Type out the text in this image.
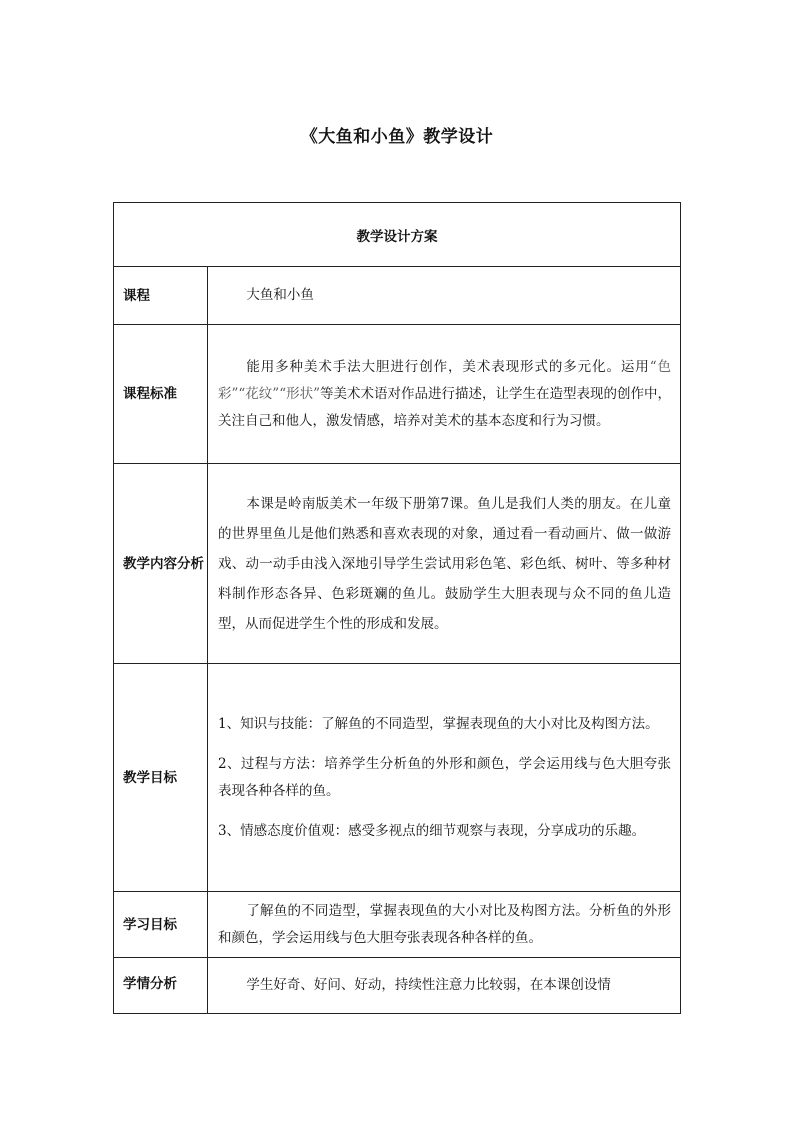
《大鱼和小鱼》教学设计
教学设计方案	
课程	大鱼和小鱼
课程标准	能用多种美术手法大胆进行创作，美术表现形式的多元化。运用“色彩”“花纹”“形状”等美术术语对作品进行描述，让学生在造型表现的创作中，关注自己和他人，激发情感，培养对美术的基本态度和行为习惯。
教学内容分析	本课是岭南版美术一年级下册第7课。鱼儿是我们人类的朋友。在儿童的世界里鱼儿是他们熟悉和喜欢表现的对象，通过看一看动画片、做一做游戏、动一动手由浅入深地引导学生尝试用彩色笔、彩色纸、树叶、等多种材料制作形态各异、色彩斑斓的鱼儿。鼓励学生大胆表现与众不同的鱼儿造型，从而促进学生个性的形成和发展。
教学目标	1、知识与技能：了解鱼的不同造型，掌握表现鱼的大小对比及构图方法。

2、过程与方法：培养学生分析鱼的外形和颜色，学会运用线与色大胆夸张表现各种各样的鱼。

3、情感态度价值观：感受多视点的细节观察与表现，分享成功的乐趣。

学习目标	了解鱼的不同造型，掌握表现鱼的大小对比及构图方法。分析鱼的外形和颜色，学会运用线与色大胆夸张表现各种各样的鱼。
学情分析	学生好奇、好问、好动，持续性注意力比较弱，在本课创设情
